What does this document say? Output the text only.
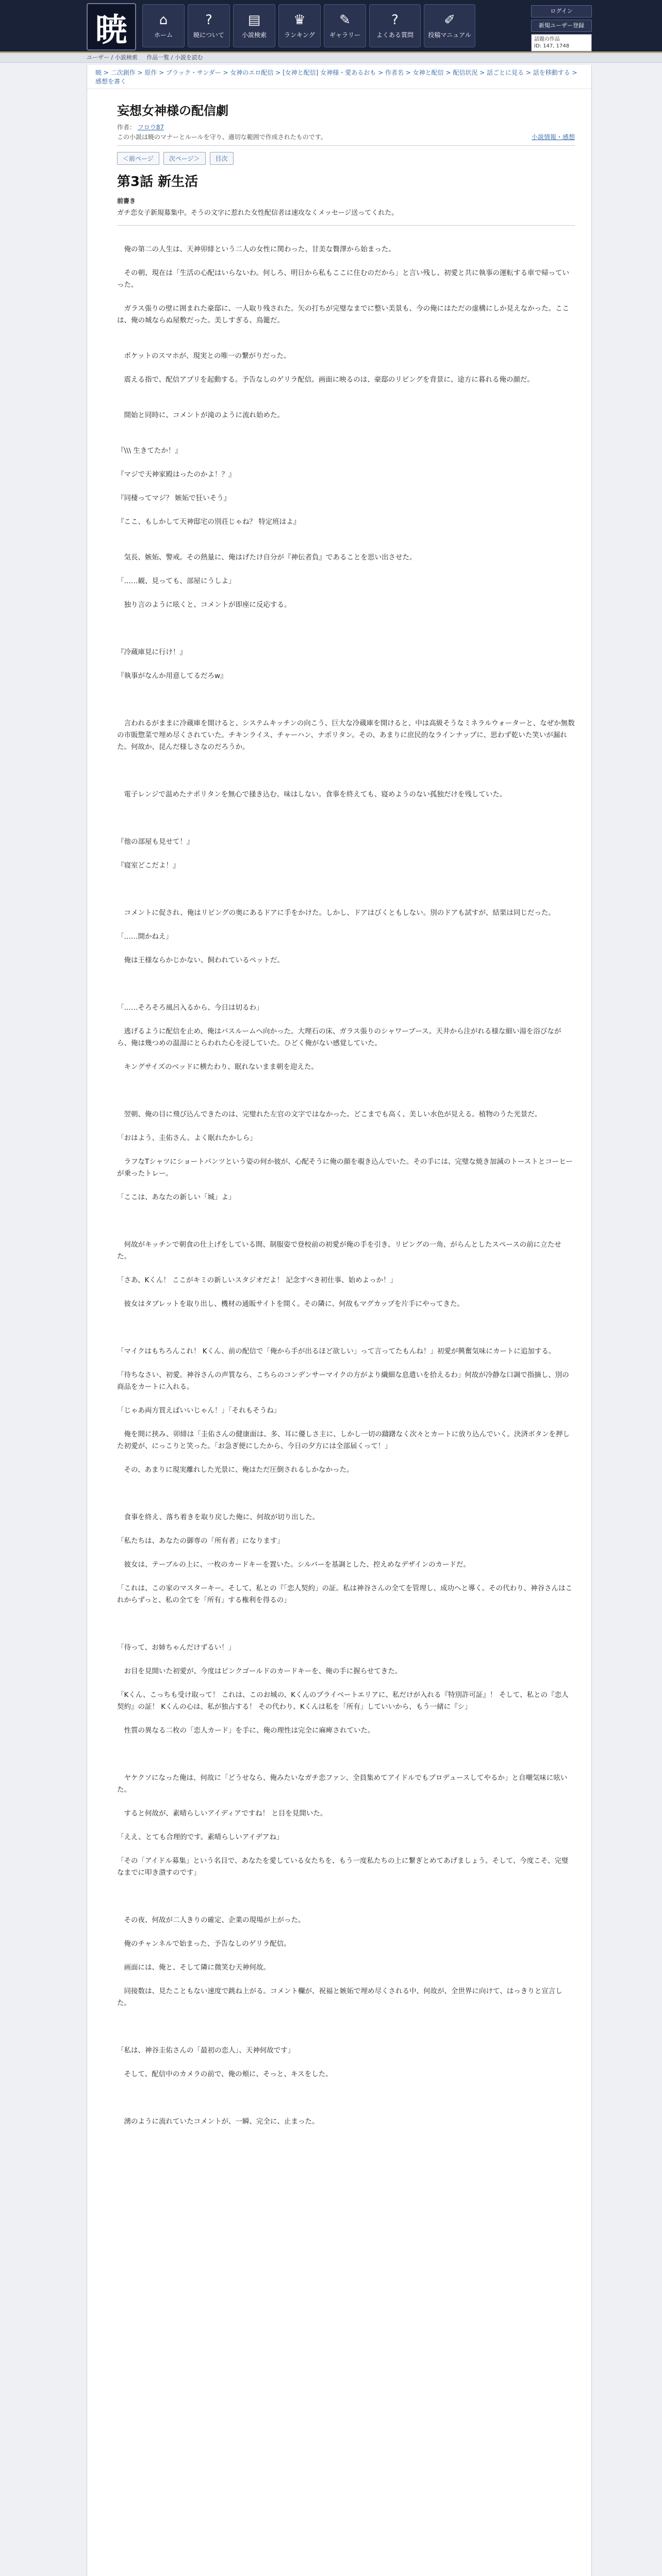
暁	⌂
ホーム
?
暁について
▤
小説検索
♛
ランキング
✎
ギャラリー
?
よくある質問
✐
投稿マニュアル
ログイン
新規ユーザー登録
話題の作品
ID: 147, 1748
ユーザー / 小説検索 作品一覧 / 小説を読む
暁 > 二次創作 > 原作 > ブラック・サンダー > 女神のエロ配信 > [女神と配信] 女神様・愛あるおも > 作者名 > 女神と配信 > 配信状況 > 話ごとに見る > 話を移動する > 感想を書く
妄想女神様の配信劇
作者： フロウ87
この小説は暁のマナーとルールを守り、適切な範囲で作成されたものです。	小説情報・感想
＜前ページ	次ページ＞	目次
第3話 新生活
前書き

ガチ恋女子新規募集中。そうの文字に惹れた女性配信者は速攻なくメッセージ送ってくれた。

　俺の第二の人生は、天神卯緋という二人の女性に関わった、甘美な贅澤から始まった。

　その朝、現在は「生活の心配はいらないわ。何しろ、明日から私もここに住むのだから」と言い残し、初愛と共に執事の運転する車で帰っていった。

　ガラス張りの壁に囲まれた豪邸に、一人取り残された。矢の打ちが完璧なまでに整い美景も、今の俺にはただの虚構にしか見えなかった。ここは、俺の城ならぬ屋敷だった。美しすぎる、鳥籠だ。

　ポケットのスマホが、現実との唯一の繋がりだった。

　震える指で、配信アプリを起動する。予告なしのゲリラ配信。画面に映るのは、豪邸のリビングを背景に、途方に暮れる俺の顔だ。

　開始と同時に、コメントが滝のように流れ始めた。

『\\\ 生きてたか！』

『マジで天神家殿はったのかよ！？』

『同棲ってマジ？ 嫉妬で狂いそう』

『ここ、もしかして天神邸宅の別荘じゃね？ 特定班はよ』

　気長、嫉妬、警戒。その熱量に、俺はげたけ自分が『神伝者負』であることを思い出させた。

「……観、見っても、部屋にうしよ」

　独り言のように呟くと、コメントが即座に反応する。

『冷蔵庫見に行け！』

『執事がなんか用意してるだろw』

　言われるがままに冷蔵庫を開けると、システムキッチンの向こう、巨大な冷蔵庫を開けると、中は高級そうなミネラルウォーターと、なぜか無数の市販惣菜で埋め尽くされていた。チキンライス、チャーハン、ナポリタン。その、あまりに庶民的なラインナップに、思わず乾いた笑いが漏れた。何故か、昆んだ様しさなのだろうか。

　電子レンジで温めたナポリタンを無心で掻き込む。味はしない。食事を終えても、寝めようのない孤独だけを残していた。

『他の部屋も見せて！』

『寝室どこだよ！』

　コメントに促され、俺はリビングの奥にあるドアに手をかけた。しかし、ドアはびくともしない。別のドアも試すが、結果は同じだった。

「……開かねえ」

　俺は王様ならかじかない、飼われているペットだ。

「……そろそろ風呂入るから、今日は切るわ」

　逃げるように配信を止め、俺はバスルームへ向かった。大理石の床、ガラス張りのシャワーブース。天井から注がれる様な細い湯を浴びながら、俺は幾つめの温湯にとらわれた心を浸していた。ひどく俺がない感覚していた。

　キングサイズのベッドに横たわり、眠れないまま朝を迎えた。

　翌朝、俺の目に飛び込んできたのは、完璧れた左官の文字ではなかった。どこまでも高く、美しい水色が見える。植物のうた光景だ。

「おはよう、圭佑さん。よく眠れたかしら」

　ラフなTシャツにショートパンツという姿の何か彼が、心配そうに俺の顔を覗き込んでいた。その手には、完璧な焼き加減のトーストとコーヒーが乗ったトレー。

「ここは、あなたの新しい「城」よ」

　何故がキッチンで朝食の仕上げをしている間、制服姿で登校前の初愛が俺の手を引き、リビングの一角、がらんとしたスペースの前に立たせた。

「さあ、Kくん！ ここがキミの新しいスタジオだよ！ 記念すべき初仕事、始めよっか！」

　彼女はタブレットを取り出し、機材の通販サイトを開く。その隣に、何故もマグカップを片手にやってきた。

「マイクはもちろんこれ！ Kくん、前の配信で「俺から手が出るほど欲しい」って言ってたもんね！」初愛が興奮気味にカートに追加する。

「待ちなさい、初愛。神谷さんの声質なら、こちらのコンデンサーマイクの方がより繊細な息遣いを拾えるわ」何故が冷静な口調で指摘し、別の商品をカートに入れる。

「じゃあ両方買えばいいじゃん！」「それもそうね」

　俺を間に挟み、卯緋は「圭佑さんの健康面は、多、耳に優しさ主に、しかし一切の躊躇なく次々とカートに放り込んでいく。決済ボタンを押した初愛が、にっこりと笑った。「お急ぎ便にしたから、今日の夕方には全部届くって！」

　その、あまりに現実離れした光景に、俺はただ圧倒されるしかなかった。

　食事を終え、落ち着きを取り戻した俺に、何故が切り出した。

「私たちは、あなたの御専の「所有者」になります」

　彼女は、テーブルの上に、一枚のカードキーを置いた。シルバーを基調とした、控えめなデザインのカードだ。

「これは、この家のマスターキー。そして、私との『「恋人契約」の証。私は神谷さんの全てを管理し、成功へと導く。その代わり、神谷さんはこれからずっと、私の全てを「所有」する権利を得るの」

「待って、お姉ちゃんだけずるい！」

　お目を見開いた初愛が、今度はピンクゴールドのカードキーを、俺の手に握らせてきた。

「Kくん、こっちも受け取って！ これは、このお城の、Kくんのプライベートエリアに、私だけが入れる『特別許可証』！ そして、私との『恋人契約』の証！ Kくんの心は、私が独占する！ その代わり、Kくんは私を「所有」していいから、もう一緒に『シ」

　性質の異なる二枚の「恋人カード」を手に、俺の理性は完全に麻痺されていた。

　ヤケクソになった俺は、何故に「どうせなら、俺みたいなガチ恋ファン、全員集めてアイドルでもプロデュースしてやるか」と自嘲気味に呟いた。

　すると何故が、素晴らしいアイディアですね！ と目を見開いた。

「ええ、とても合理的です。素晴らしいアイデアね」

「その「アイドル募集」という名目で、あなたを愛している女たちを、もう一度私たちの上に繋ぎとめてあげましょう。そして、今度こそ、完璧なまでに叩き潰すのです」

　その夜、何故が二人きりの確定、企業の現場が上がった。

　俺のチャンネルで始まった、予告なしのゲリラ配信。

　画面には、俺と、そして隣に微笑む天神何故。

　同接数は、見たこともない速度で跳ね上がる。コメント欄が、祝福と嫉妬で埋め尽くされる中、何故が、全世界に向けて、はっきりと宣言した。

「私は、神谷圭佑さんの「最初の恋人」、天神何故です」

　そして、配信中のカメラの前で、俺の頬に、そっと、キスをした。

　湧のように流れていたコメントが、一瞬、完全に、止まった。
